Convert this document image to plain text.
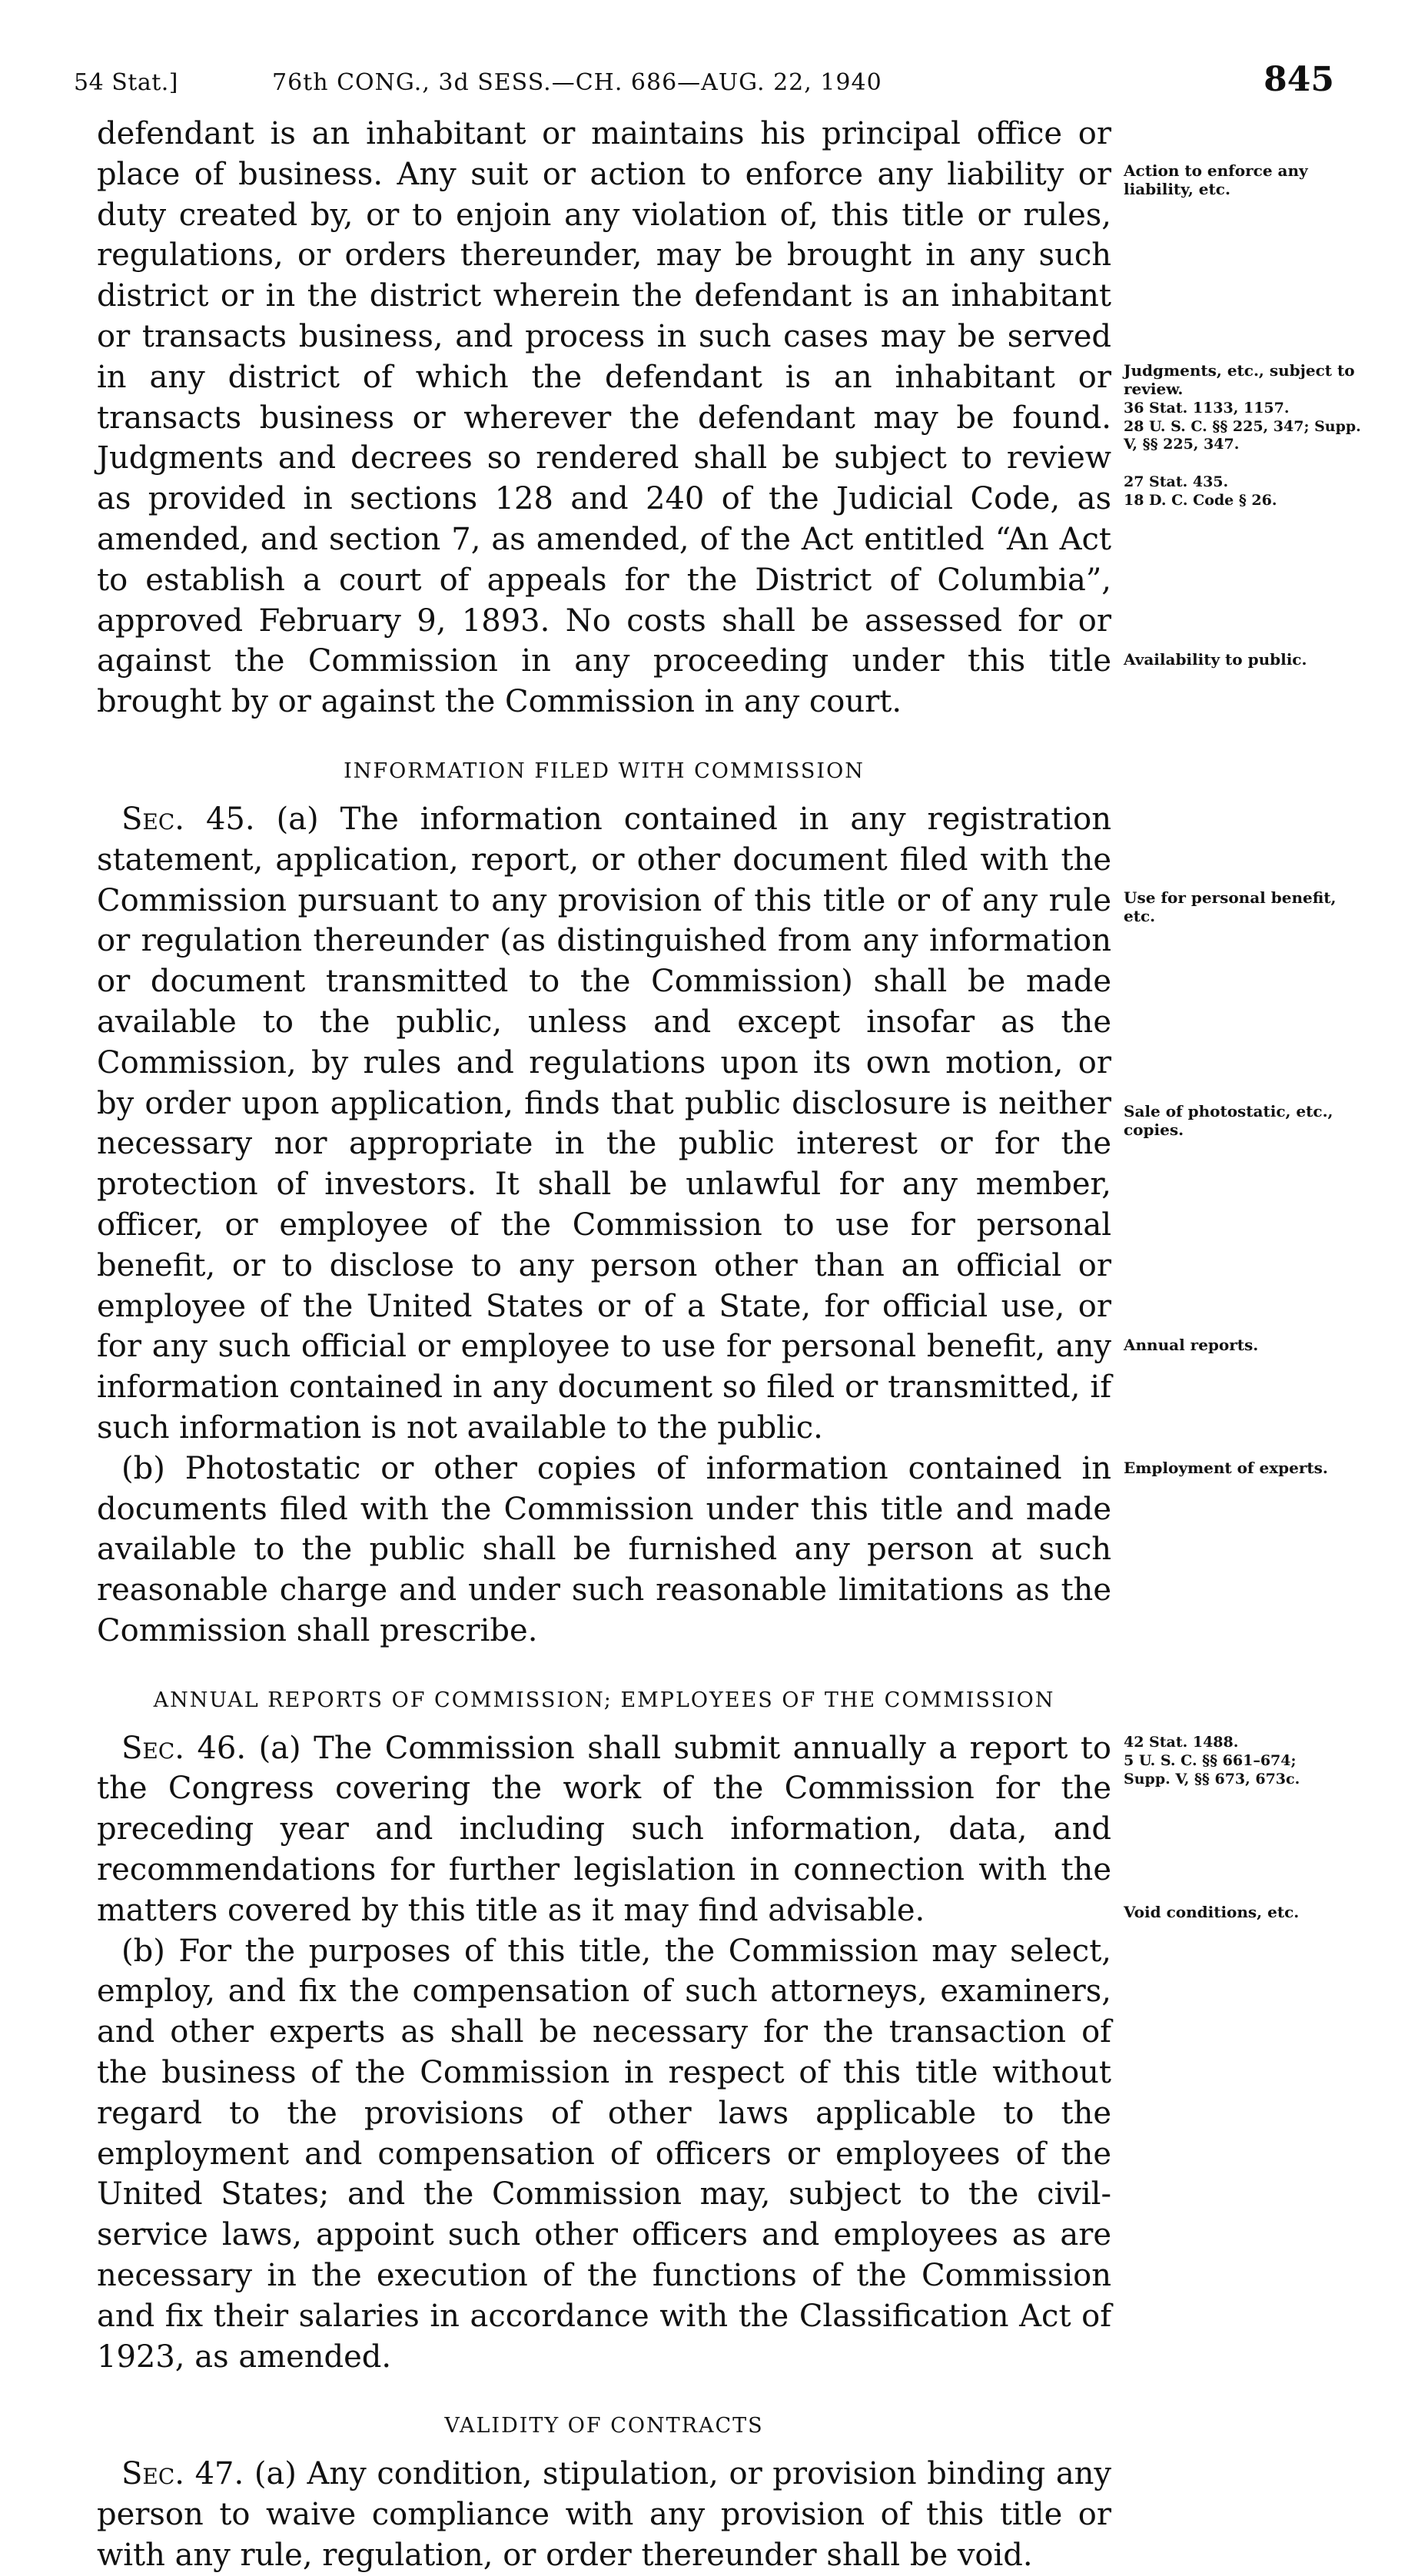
54 Stat.]	76th CONG., 3d SESS.—CH. 686—AUG. 22, 1940	845

defendant is an inhabitant or maintains his principal office or place of business. Any suit or action to enforce any liability or duty created by, or to enjoin any violation of, this title or rules, regulations, or orders thereunder, may be brought in any such district or in the district wherein the defendant is an inhabitant or transacts business, and process in such cases may be served in any district of which the defendant is an inhabitant or transacts business or wherever the defendant may be found. Judgments and decrees so rendered shall be subject to review as provided in sections 128 and 240 of the Judicial Code, as amended, and section 7, as amended, of the Act entitled “An Act to establish a court of appeals for the District of Columbia”, approved February 9, 1893. No costs shall be assessed for or against the Commission in any proceeding under this title brought by or against the Commission in any court.

INFORMATION FILED WITH COMMISSION

Sec. 45. (a) The information contained in any registration statement, application, report, or other document filed with the Commission pursuant to any provision of this title or of any rule or regulation thereunder (as distinguished from any information or document transmitted to the Commission) shall be made available to the public, unless and except insofar as the Commission, by rules and regulations upon its own motion, or by order upon application, finds that public disclosure is neither necessary nor appropriate in the public interest or for the protection of investors. It shall be unlawful for any member, officer, or employee of the Commission to use for personal benefit, or to disclose to any person other than an official or employee of the United States or of a State, for official use, or for any such official or employee to use for personal benefit, any information contained in any document so filed or transmitted, if such information is not available to the public.

(b) Photostatic or other copies of information contained in documents filed with the Commission under this title and made available to the public shall be furnished any person at such reasonable charge and under such reasonable limitations as the Commission shall prescribe.

ANNUAL REPORTS OF COMMISSION; EMPLOYEES OF THE COMMISSION

Sec. 46. (a) The Commission shall submit annually a report to the Congress covering the work of the Commission for the preceding year and including such information, data, and recommendations for further legislation in connection with the matters covered by this title as it may find advisable.

(b) For the purposes of this title, the Commission may select, employ, and fix the compensation of such attorneys, examiners, and other experts as shall be necessary for the transaction of the business of the Commission in respect of this title without regard to the provisions of other laws applicable to the employment and compensation of officers or employees of the United States; and the Commission may, subject to the civil-service laws, appoint such other officers and employees as are necessary in the execution of the functions of the Commission and fix their salaries in accordance with the Classification Act of 1923, as amended.

VALIDITY OF CONTRACTS

Sec. 47. (a) Any condition, stipulation, or provision binding any person to waive compliance with any provision of this title or with any rule, regulation, or order thereunder shall be void.

Action to enforce any liability, etc.
Judgments, etc., subject to review.
36 Stat. 1133, 1157.
28 U. S. C. §§ 225, 347; Supp. V, §§ 225, 347.
27 Stat. 435.
18 D. C. Code § 26.
Availability to public.
Use for personal benefit, etc.
Sale of photostatic, etc., copies.
Annual reports.
Employment of experts.
42 Stat. 1488.
5 U. S. C. §§ 661–674;
Supp. V, §§ 673, 673c.
Void conditions, etc.
